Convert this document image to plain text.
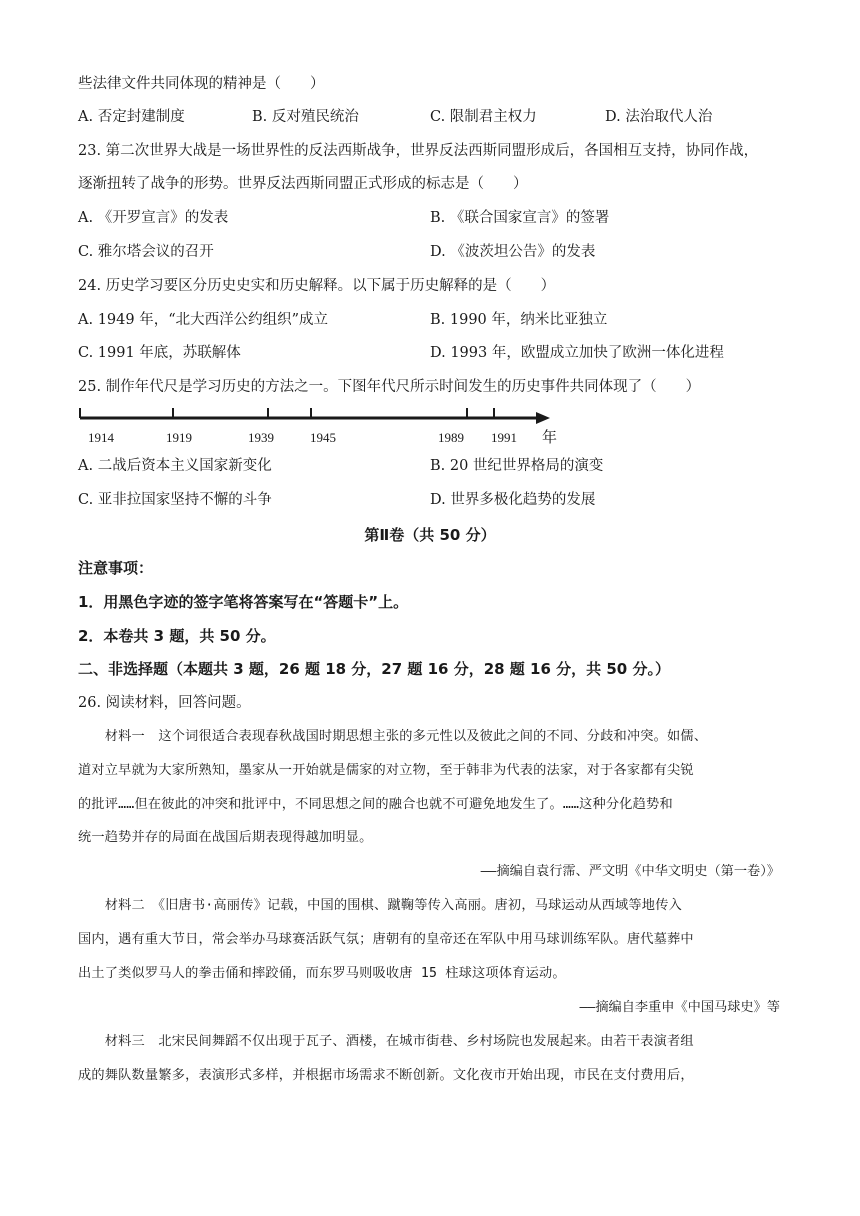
些法律文件共同体现的精神是（　　）
A. 否定封建制度	B. 反对殖民统治	C. 限制君主权力	D. 法治取代人治
23. 第二次世界大战是一场世界性的反法西斯战争，世界反法西斯同盟形成后，各国相互支持，协同作战，
逐渐扭转了战争的形势。世界反法西斯同盟正式形成的标志是（　　）
A. 《开罗宣言》的发表	B. 《联合国家宣言》的签署
C. 雅尔塔会议的召开	D. 《波茨坦公告》的发表
24. 历史学习要区分历史史实和历史解释。以下属于历史解释的是（　　）
A. 1949 年，“北大西洋公约组织”成立	B. 1990 年，纳米比亚独立
C. 1991 年底，苏联解体	D. 1993 年，欧盟成立加快了欧洲一体化进程
25. 制作年代尺是学习历史的方法之一。下图年代尺所示时间发生的历史事件共同体现了（　　）
1914	1919	1939	1945	1989 1991 年
A. 二战后资本主义国家新变化	B. 20 世纪世界格局的演变
C. 亚非拉国家坚持不懈的斗争	D. 世界多极化趋势的发展
第Ⅱ卷（共 50 分）
注意事项：
1．用黑色字迹的签字笔将答案写在“答题卡”上。
2．本卷共 3 题，共 50 分。
二、非选择题（本题共 3 题，26 题 18 分，27 题 16 分，28 题 16 分，共 50 分。）
26. 阅读材料，回答问题。
　　材料一　这个词很适合表现春秋战国时期思想主张的多元性以及彼此之间的不同、分歧和冲突。如儒、
道对立早就为大家所熟知，墨家从一开始就是儒家的对立物，至于韩非为代表的法家，对于各家都有尖锐
的批评……但在彼此的冲突和批评中，不同思想之间的融合也就不可避免地发生了。……这种分化趋势和
统一趋势并存的局面在战国后期表现得越加明显。
——摘编自袁行霈、严文明《中华文明史（第一卷）》
　　材料二　《旧唐书·高丽传》记载，中国的围棋、蹴鞠等传入高丽。唐初，马球运动从西域等地传入
国内，遇有重大节日，常会举办马球赛活跃气氛；唐朝有的皇帝还在军队中用马球训练军队。唐代墓葬中
出土了类似罗马人的拳击俑和摔跤俑，而东罗马则吸收唐 15 柱球这项体育运动。
——摘编自李重申《中国马球史》等
　　材料三　北宋民间舞蹈不仅出现于瓦子、酒楼，在城市街巷、乡村场院也发展起来。由若干表演者组
成的舞队数量繁多，表演形式多样，并根据市场需求不断创新。文化夜市开始出现，市民在支付费用后，
